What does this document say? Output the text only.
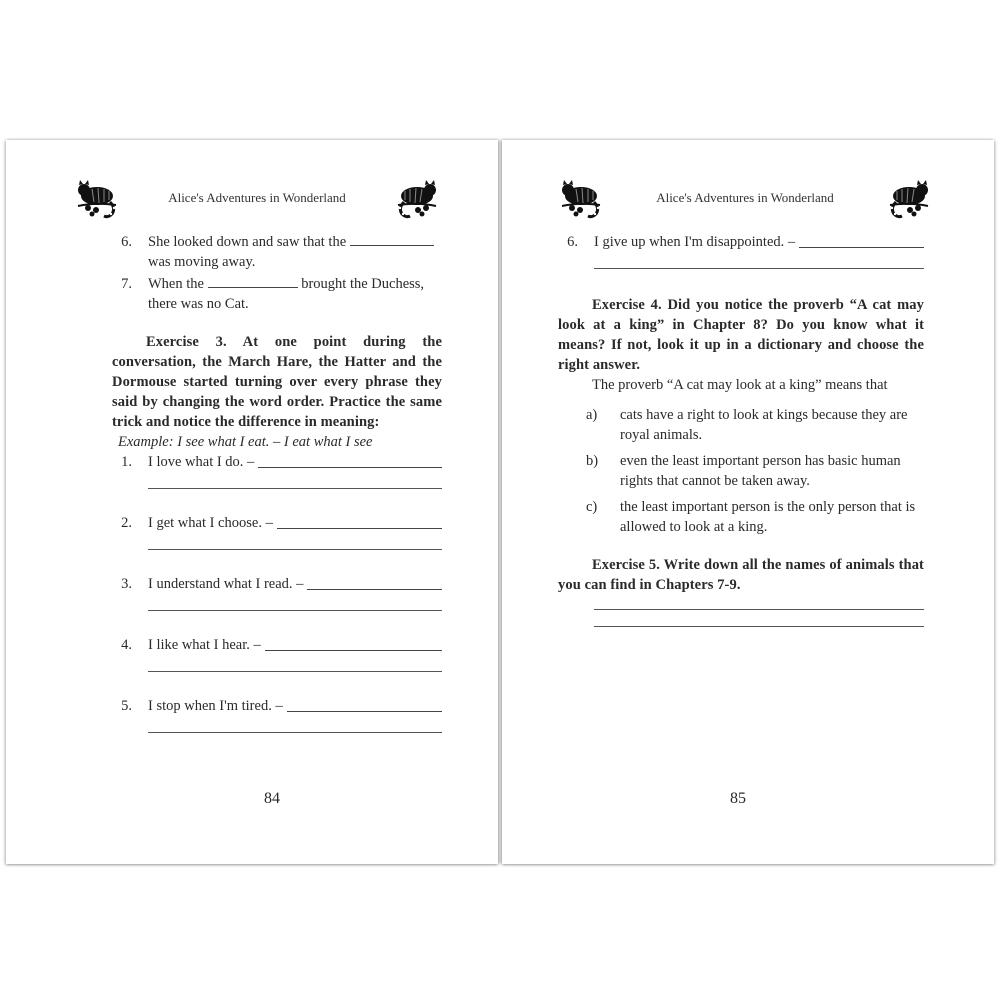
Alice's Adventures in Wonderland
6. She looked down and saw that the
was moving away.
7. When the	brought the Duchess,
there was no Cat.
Exercise 3. At one point during the conversation, the March Hare, the Hatter and the Dormouse started turning over every phrase they said by changing the word order. Practice the same trick and notice the difference in meaning:
Example: I see what I eat. – I eat what I see
1. I love what I do. –
2. I get what I choose. –
3. I understand what I read. –
4. I like what I hear. –
5. I stop when I'm tired. –
84
Alice's Adventures in Wonderland
6. I give up when I'm disappointed. –
Exercise 4. Did you notice the proverb “A cat may look at a king” in Chapter 8? Do you know what it means? If not, look it up in a dictionary and choose the right answer.
The proverb “A cat may look at a king” means that
a) cats have a right to look at kings because they are royal animals.
b) even the least important person has basic human rights that cannot be taken away.
c) the least important person is the only person that is allowed to look at a king.
Exercise 5. Write down all the names of animals that you can find in Chapters 7-9.
85
